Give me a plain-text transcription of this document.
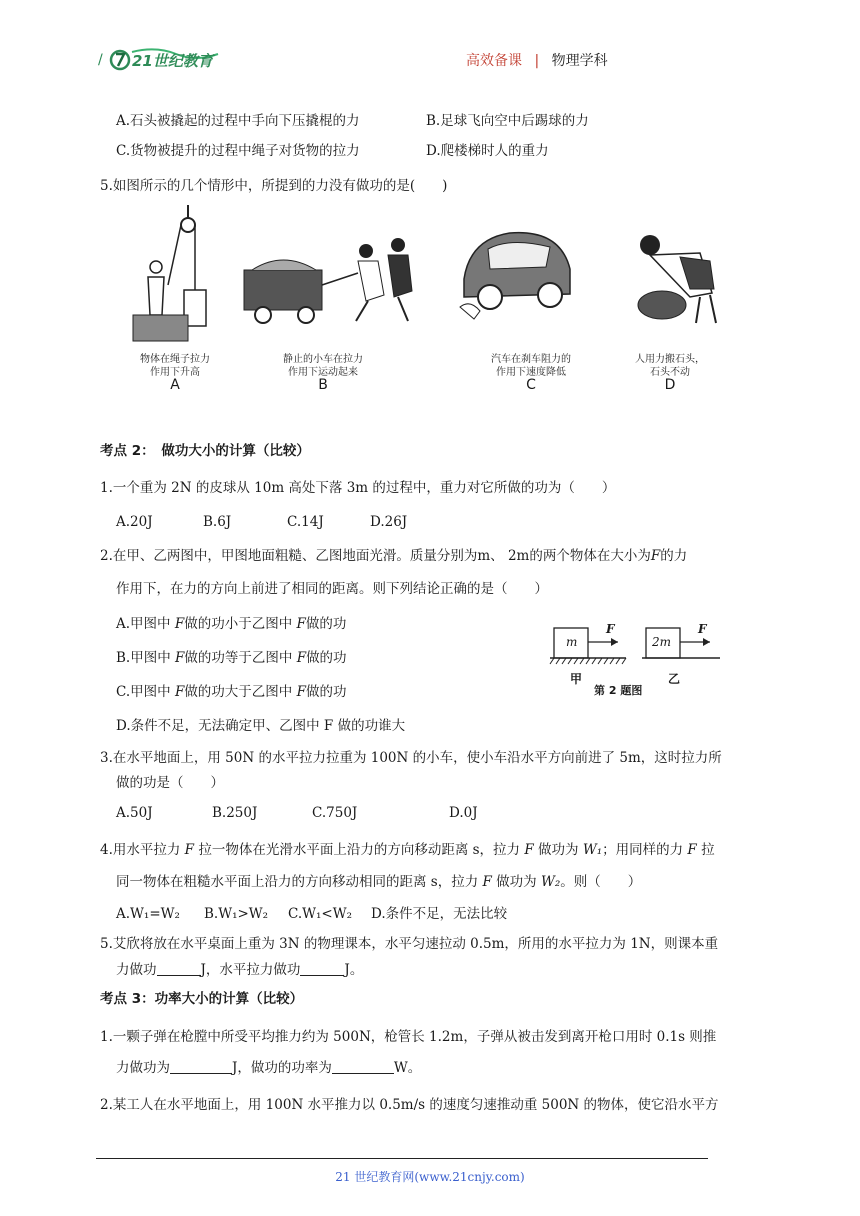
/ 21世纪教育	高效备课 | 物理学科
A.石头被撬起的过程中手向下压撬棍的力	B.足球飞向空中后踢球的力
C.货物被提升的过程中绳子对货物的拉力	D.爬楼梯时人的重力
5.如图所示的几个情形中，所提到的力没有做功的是(　　)
物体在绳子拉力
作用下升高
A
静止的小车在拉力
作用下运动起来
B
汽车在刹车阻力的
作用下速度降低
C
人用力搬石头，
石头不动
D
考点 2：　做功大小的计算（比较）
1.一个重为 2N 的皮球从 10m 高处下落 3m 的过程中，重力对它所做的功为（　　）
A.20J	B.6J	C.14J	D.26J
2.在甲、乙两图中，甲图地面粗糙、乙图地面光滑。质量分别为m、 2m的两个物体在大小为F的力
作用下，在力的方向上前进了相同的距离。则下列结论正确的是（　　）
A.甲图中 F做的功小于乙图中 F做的功
B.甲图中 F做的功等于乙图中 F做的功
C.甲图中 F做的功大于乙图中 F做的功
D.条件不足，无法确定甲、乙图中 F 做的功谁大
m	2m
F	F
甲	乙
第 2 题图
3.在水平地面上，用 50N 的水平拉力拉重为 100N 的小车，使小车沿水平方向前进了 5m，这时拉力所
做的功是（　　）
A.50J	B.250J	C.750J	D.0J
4.用水平拉力 F 拉一物体在光滑水平面上沿力的方向移动距离 s，拉力 F 做功为 W₁；用同样的力 F 拉
同一物体在粗糙水平面上沿力的方向移动相同的距离 s，拉力 F 做功为 W₂。则（　　）
A.W₁=W₂ B.W₁>W₂ C.W₁<W₂ D.条件不足，无法比较
5.艾欣将放在水平桌面上重为 3N 的物理课本，水平匀速拉动 0.5m，所用的水平拉力为 1N，则课本重
力做功	J，水平拉力做功	J。
考点 3：功率大小的计算（比较）
1.一颗子弹在枪膛中所受平均推力约为 500N，枪管长 1.2m，子弹从被击发到离开枪口用时 0.1s 则推
力做功为	J，做功的功率为	W。
2.某工人在水平地面上，用 100N 水平推力以 0.5m/s 的速度匀速推动重 500N 的物体，使它沿水平方
21 世纪教育网(www.21cnjy.com)
